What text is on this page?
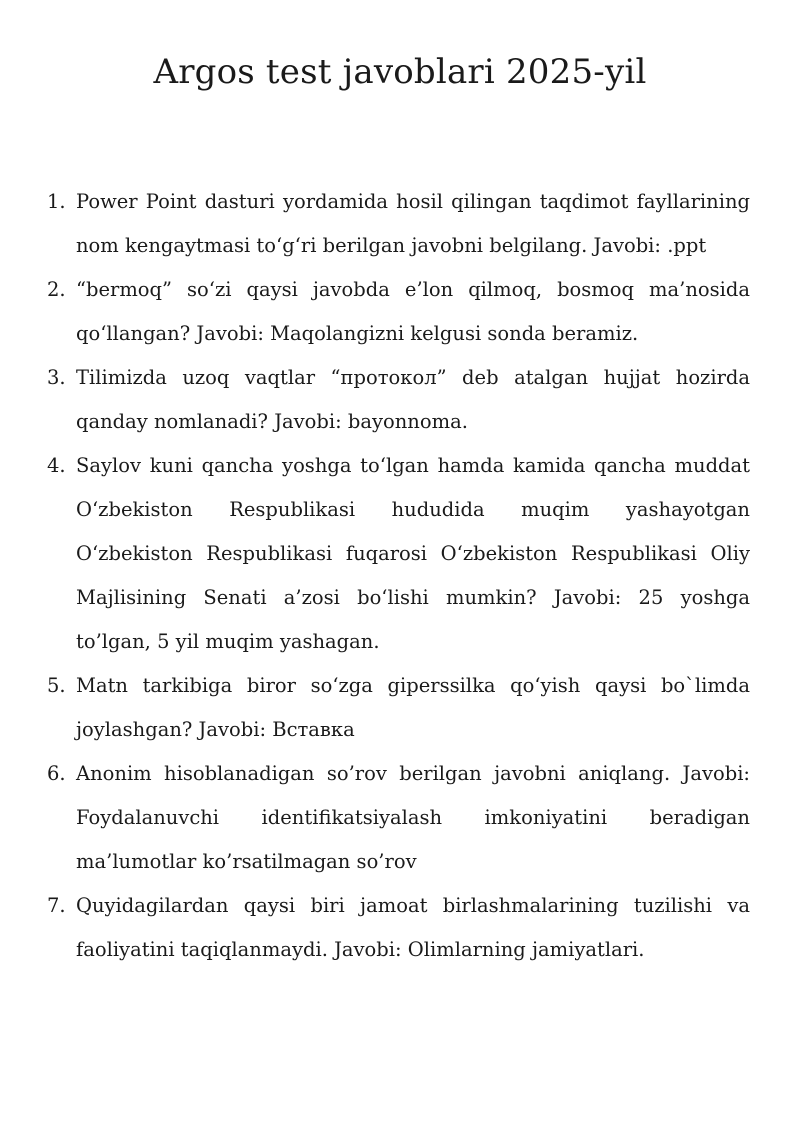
Argos test javoblari 2025-yil
1. Power Point dasturi yordamida hosil qilingan taqdimot fayllarining nom kengaytmasi to‘g‘ri berilgan javobni belgilang. Javobi: .ppt
2. “bermoq” so‘zi qaysi javobda e’lon qilmoq, bosmoq ma’nosida qo‘llangan? Javobi: Maqolangizni kelgusi sonda beramiz.
3. Tilimizda uzoq vaqtlar “протокол” deb atalgan hujjat hozirda qanday nomlanadi? Javobi: bayonnoma.
4. Saylov kuni qancha yoshga to‘lgan hamda kamida qancha muddat O‘zbekiston Respublikasi hududida muqim yashayotgan O‘zbekiston Respublikasi fuqarosi O‘zbekiston Respublikasi Oliy Majlisining Senati a’zosi bo‘lishi mumkin? Javobi: 25 yoshga to’lgan, 5 yil muqim yashagan.
5. Matn tarkibiga biror so‘zga giperssilka qo‘yish qaysi bo`limda joylashgan? Javobi: Вставка
6. Anonim hisoblanadigan so’rov berilgan javobni aniqlang. Javobi: Foydalanuvchi identifikatsiyalash imkoniyatini beradigan ma’lumotlar ko’rsatilmagan so’rov
7. Quyidagilardan qaysi biri jamoat birlashmalarining tuzilishi va faoliyatini taqiqlanmaydi. Javobi: Olimlarning jamiyatlari.
